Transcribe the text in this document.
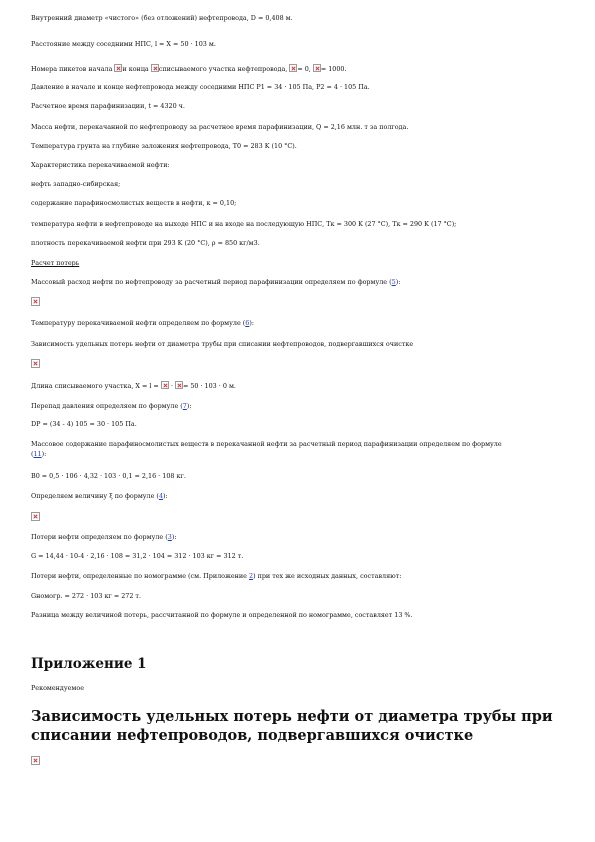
Внутренний диаметр «чистого» (без отложений) нефтепровода, D = 0,408 м.
Расстояние между соседними НПС, l = X = 50 · 103 м.
Номера пикетов начала и конца списываемого участка нефтепровода, = 0, = 1000.
Давление в начале и конце нефтепровода между соседними НПС P1 = 34 · 105 Па, P2 = 4 · 105 Па.
Расчетное время парафинизации, t = 4320 ч.
Масса нефти, перекачанной по нефтепроводу за расчетное время парафинизации, Q = 2,16 млн. т за полгода.
Температура грунта на глубине заложения нефтепровода, T0 = 283 K (10 °C).
Характеристика перекачиваемой нефти:
нефть западно-сибирская;
содержание парафиносмолистых веществ в нефти, κ = 0,10;
температура нефти в нефтепроводе на выходе НПС и на входе на последующую НПС, Tк = 300 K (27 °C), Tк = 290 K (17 °C);
плотность перекачиваемой нефти при 293 K (20 °C), ρ = 850 кг/м3.
Расчет потерь
Массовый расход нефти по нефтепроводу за расчетный период парафинизации определяем по формуле (5):
Температуру перекачиваемой нефти определяем по формуле (6):
Зависимость удельных потерь нефти от диаметра трубы при списании нефтепроводов, подвергавшихся очистке
Длина списываемого участка, X = l =  · = 50 · 103 · 0 м.
Перепад давления определяем по формуле (7):
DP = (34 - 4) 105 = 30 · 105 Па.
Массовое содержание парафиносмолистых веществ в перекачанной нефти за расчетный период парафинизации определяем по формуле
(11):
B0 = 0,5 · 106 · 4,32 · 103 · 0,1 = 2,16 · 108 кг.
Определяем величину ξ по формуле (4):
Потери нефти определяем по формуле (3):
G = 14,44 · 10-4 · 2,16 · 108 = 31,2 · 104 = 312 · 103 кг = 312 т.
Потери нефти, определенные по номограмме (см. Приложение 2) при тех же исходных данных, составляют:
Gномогр. = 272 · 103 кг = 272 т.
Разница между величиной потерь, рассчитанной по формуле и определенной по номограмме, составляет 13 %.
Приложение 1
Рекомендуемое
Зависимость удельных потерь нефти от диаметра трубы при списании нефтепроводов, подвергавшихся очистке
